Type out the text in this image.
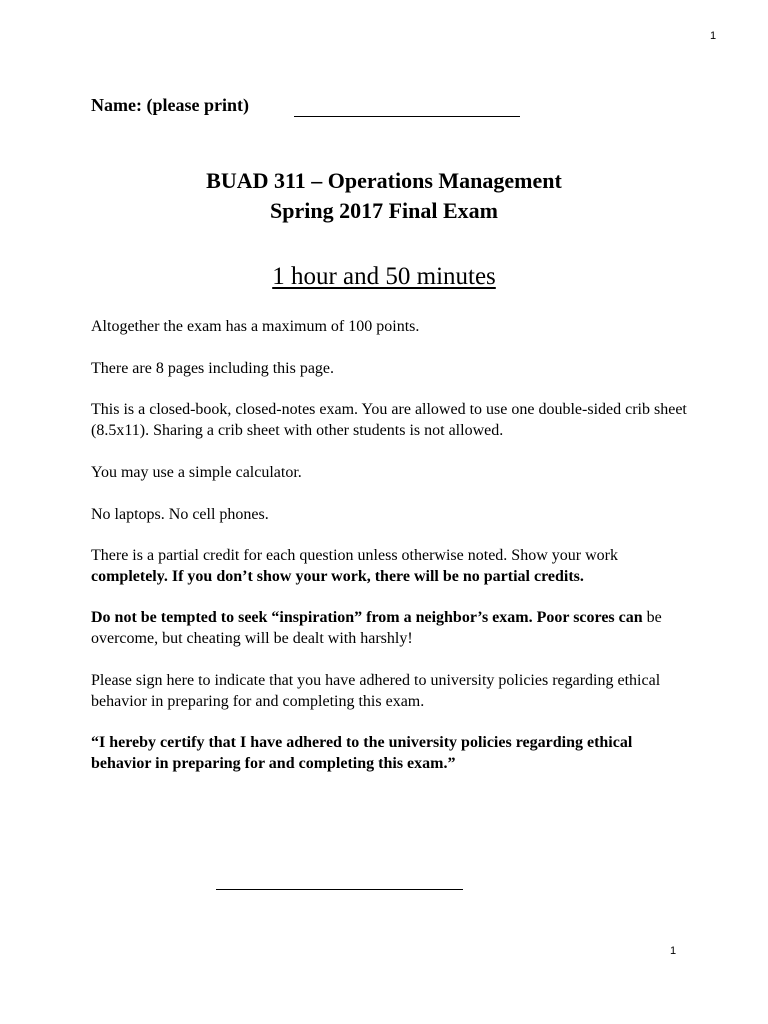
1
Name: (please print)
BUAD 311 – Operations Management
Spring 2017 Final Exam
1 hour and 50 minutes
Altogether the exam has a maximum of 100 points.
There are 8 pages including this page.
This is a closed-book, closed-notes exam. You are allowed to use one double-sided crib sheet (8.5x11). Sharing a crib sheet with other students is not allowed.
You may use a simple calculator.
No laptops. No cell phones.
There is a partial credit for each question unless otherwise noted. Show your work completely. If you don’t show your work, there will be no partial credits.
Do not be tempted to seek “inspiration” from a neighbor’s exam. Poor scores can be overcome, but cheating will be dealt with harshly!
Please sign here to indicate that you have adhered to university policies regarding ethical behavior in preparing for and completing this exam.
“I hereby certify that I have adhered to the university policies regarding ethical behavior in preparing for and completing this exam.”
1
